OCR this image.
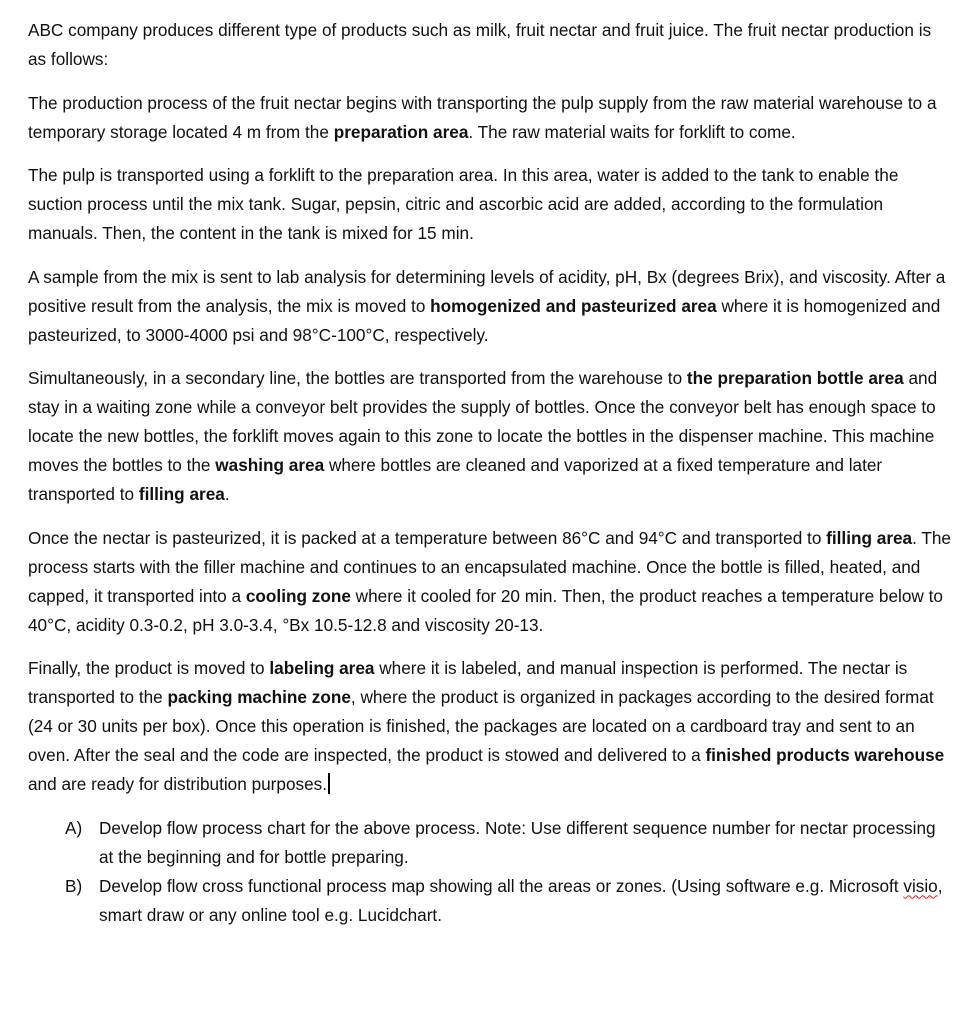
ABC company produces different type of products such as milk, fruit nectar and fruit juice. The fruit nectar production is as follows:

The production process of the fruit nectar begins with transporting the pulp supply from the raw material warehouse to a temporary storage located 4 m from the preparation area. The raw material waits for forklift to come.

The pulp is transported using a forklift to the preparation area. In this area, water is added to the tank to enable the suction process until the mix tank. Sugar, pepsin, citric and ascorbic acid are added, according to the formulation manuals. Then, the content in the tank is mixed for 15 min.

A sample from the mix is sent to lab analysis for determining levels of acidity, pH, Bx (degrees Brix), and viscosity. After a positive result from the analysis, the mix is moved to homogenized and pasteurized area where it is homogenized and pasteurized, to 3000-4000 psi and 98°C-100°C, respectively.

Simultaneously, in a secondary line, the bottles are transported from the warehouse to the preparation bottle area and stay in a waiting zone while a conveyor belt provides the supply of bottles. Once the conveyor belt has enough space to locate the new bottles, the forklift moves again to this zone to locate the bottles in the dispenser machine. This machine moves the bottles to the washing area where bottles are cleaned and vaporized at a fixed temperature and later transported to filling area.

Once the nectar is pasteurized, it is packed at a temperature between 86°C and 94°C and transported to filling area. The process starts with the filler machine and continues to an encapsulated machine. Once the bottle is filled, heated, and capped, it transported into a cooling zone where it cooled for 20 min. Then, the product reaches a temperature below to 40°C, acidity 0.3-0.2, pH 3.0-3.4, °Bx 10.5-12.8 and viscosity 20-13.

Finally, the product is moved to labeling area where it is labeled, and manual inspection is performed. The nectar is transported to the packing machine zone, where the product is organized in packages according to the desired format (24 or 30 units per box). Once this operation is finished, the packages are located on a cardboard tray and sent to an oven. After the seal and the code are inspected, the product is stowed and delivered to a finished products warehouse and are ready for distribution purposes.

A) Develop flow process chart for the above process. Note: Use different sequence number for nectar processing at the beginning and for bottle preparing.
B) Develop flow cross functional process map showing all the areas or zones. (Using software e.g. Microsoft visio, smart draw or any online tool e.g. Lucidchart.
